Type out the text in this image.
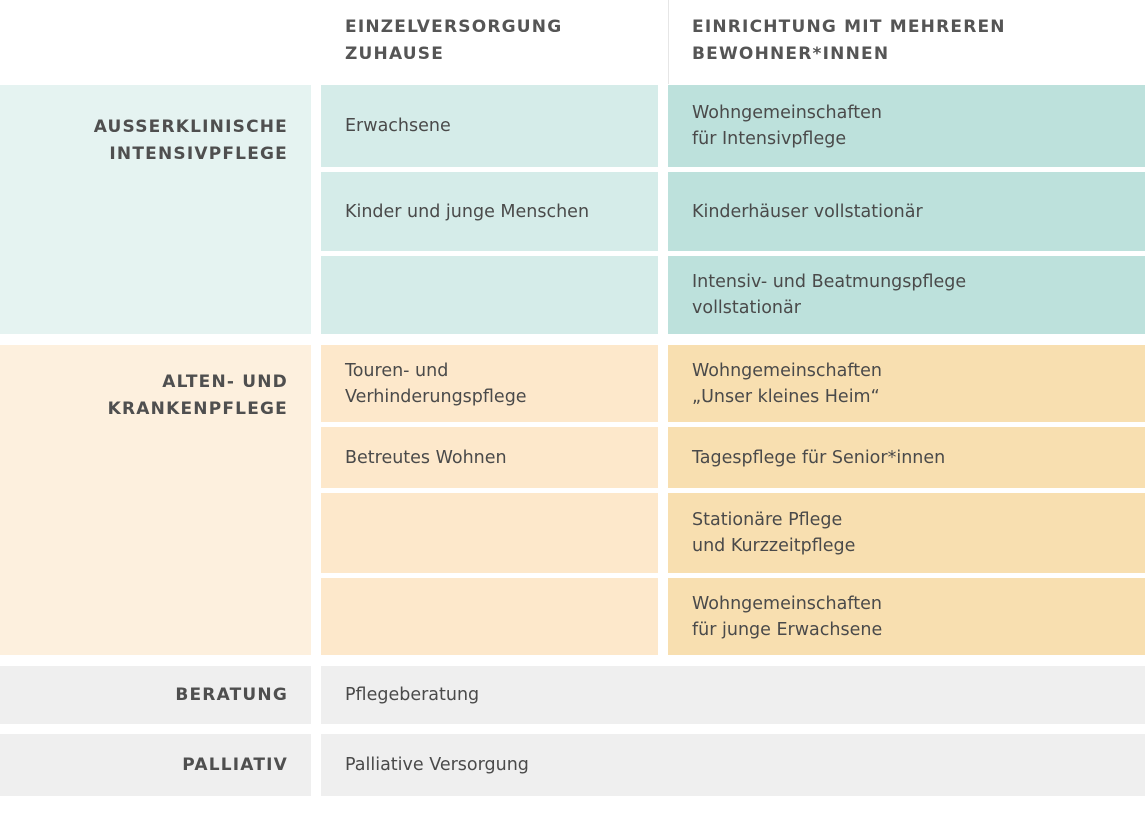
EINZELVERSORGUNG
ZUHAUSE
EINRICHTUNG MIT MEHREREN
BEWOHNER*INNEN
AUSSERKLINISCHE
INTENSIVPFLEGE
Erwachsene
Kinder und junge Menschen
Wohngemeinschaften
für Intensivpflege
Kinderhäuser vollstationär
Intensiv- und Beatmungspflege
vollstationär
ALTEN- UND
KRANKENPFLEGE
Touren- und
Verhinderungspflege
Betreutes Wohnen
Wohngemeinschaften
„Unser kleines Heim“
Tagespflege für Senior*innen
Stationäre Pflege
und Kurzzeitpflege
Wohngemeinschaften
für junge Erwachsene
BERATUNG	Pflegeberatung
PALLIATIV	Palliative Versorgung
